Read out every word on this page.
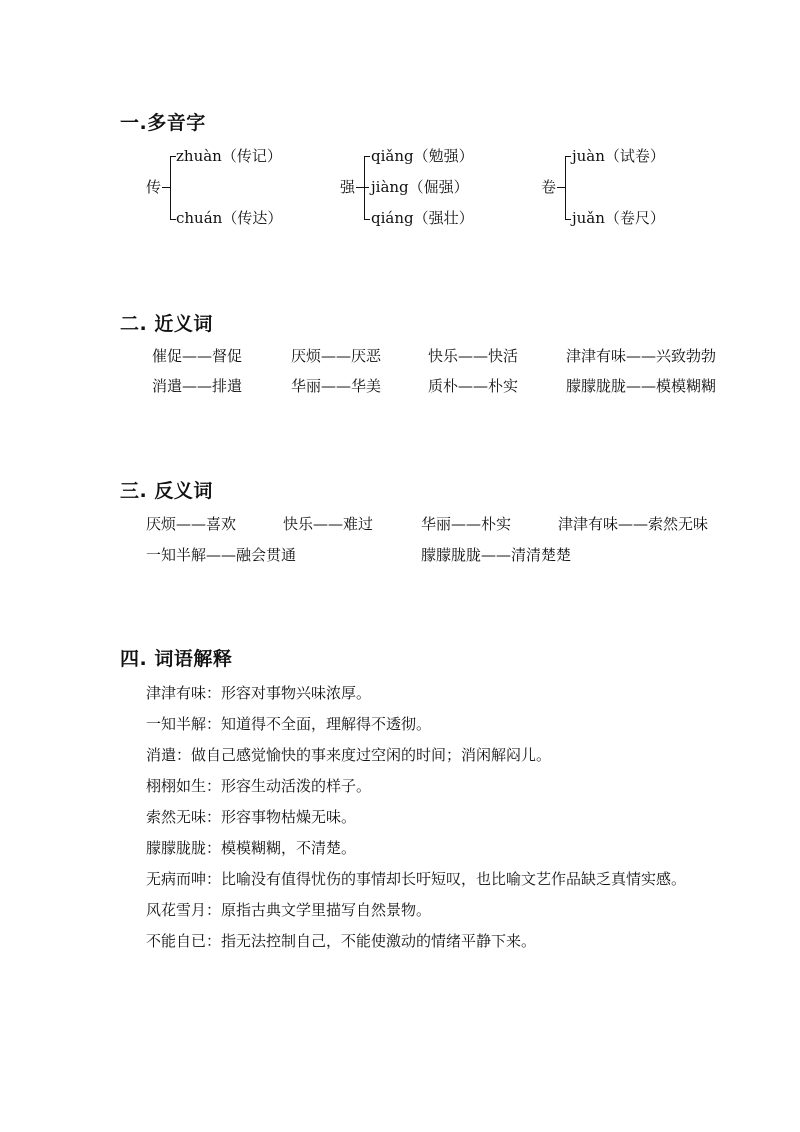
一.多音字
传
zhuàn（传记）
chuán（传达）
强
qiǎng（勉强）
jiàng（倔强）
qiáng（强壮）
卷
juàn（试卷）
juǎn（卷尺）
二. 近义词
催促——督促	厌烦——厌恶	快乐——快活	津津有味——兴致勃勃
消遣——排遣	华丽——华美	质朴——朴实	朦朦胧胧——模模糊糊
三. 反义词
厌烦——喜欢	快乐——难过	华丽——朴实	津津有味——索然无味
一知半解——融会贯通	朦朦胧胧——清清楚楚
四. 词语解释
津津有味：形容对事物兴味浓厚。
一知半解：知道得不全面，理解得不透彻。
消遣：做自己感觉愉快的事来度过空闲的时间；消闲解闷儿。
栩栩如生：形容生动活泼的样子。
索然无味：形容事物枯燥无味。
朦朦胧胧：模模糊糊，不清楚。
无病而呻：比喻没有值得忧伤的事情却长吁短叹，也比喻文艺作品缺乏真情实感。
风花雪月：原指古典文学里描写自然景物。
不能自已：指无法控制自己，不能使激动的情绪平静下来。
